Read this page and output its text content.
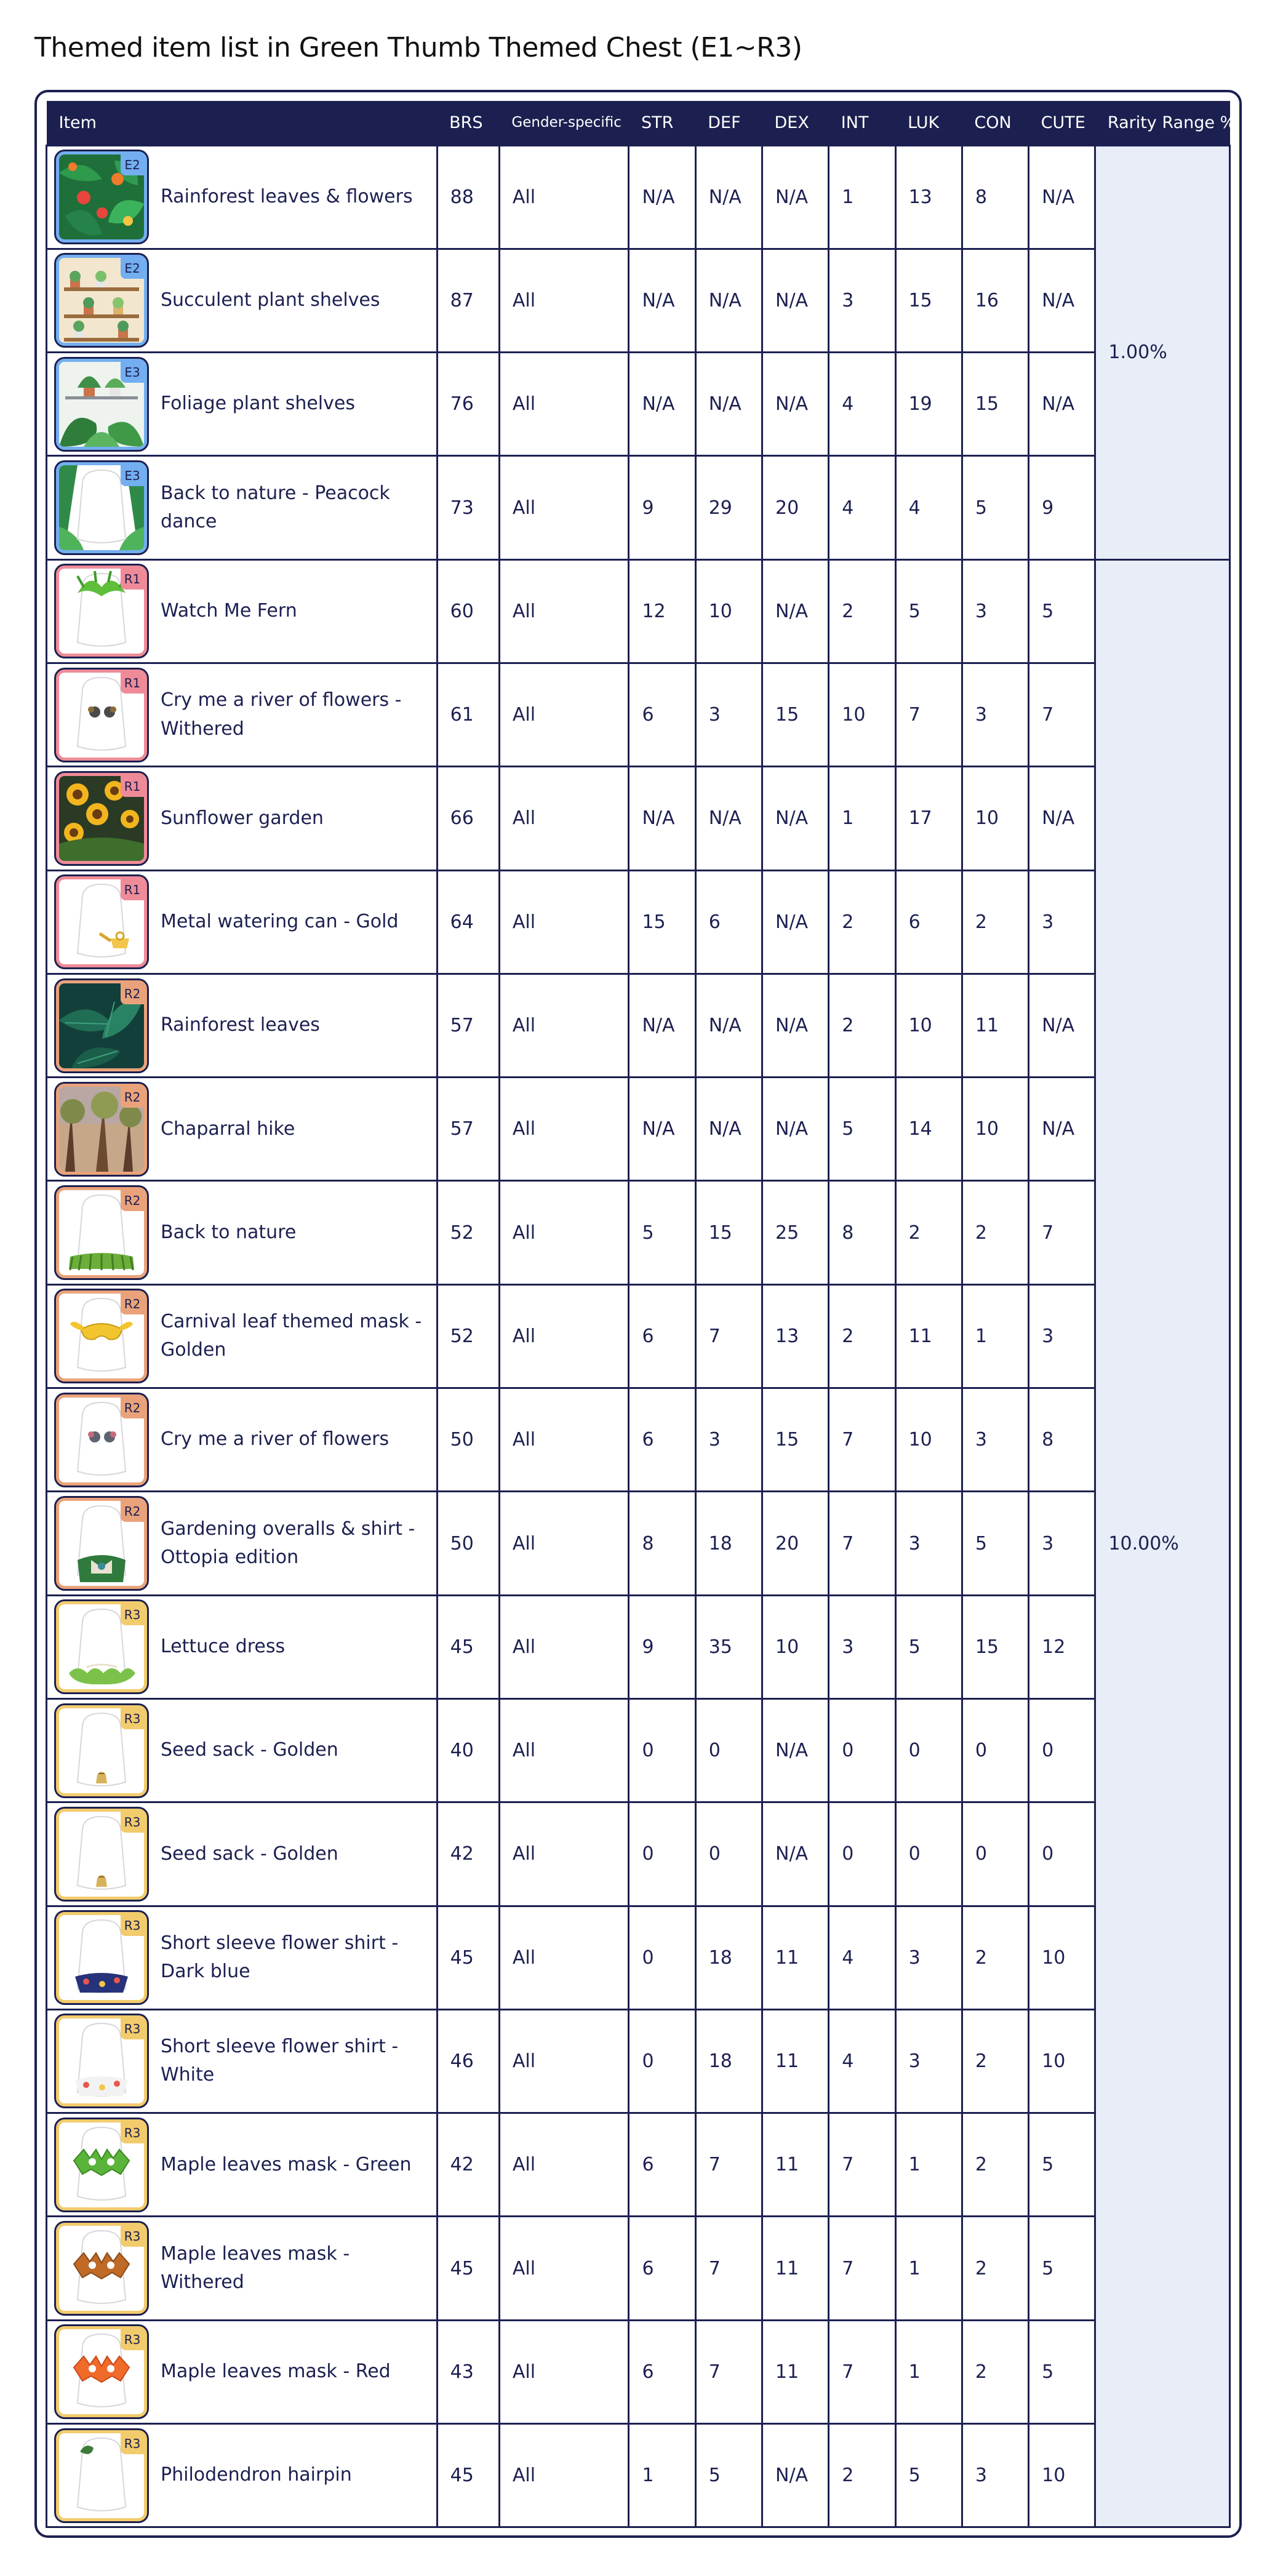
Themed item list in Green Thumb Themed Chest (E1~R3)
Item	BRS	Gender-specific	STR	DEF	DEX	INT	LUK	CON	CUTE	Rarity Range %

E2
Rainforest leaves & flowers	88	All	N/A	N/A	N/A	1	13	8	N/A	1.00%

E2
Succulent plant shelves	87	All	N/A	N/A	N/A	3	15	16	N/A	

E3
Foliage plant shelves	76	All	N/A	N/A	N/A	4	19	15	N/A	

E3
Back to nature - Peacock dance	73	All	9	29	20	4	4	5	9	

R1
Watch Me Fern	60	All	12	10	N/A	2	5	3	5	10.00%

R1
Cry me a river of flowers - Withered	61	All	6	3	15	10	7	3	7	

R1
Sunflower garden	66	All	N/A	N/A	N/A	1	17	10	N/A	

R1
Metal watering can - Gold	64	All	15	6	N/A	2	6	2	3	

R2
Rainforest leaves	57	All	N/A	N/A	N/A	2	10	11	N/A	

R2
Chaparral hike	57	All	N/A	N/A	N/A	5	14	10	N/A	

R2
Back to nature	52	All	5	15	25	8	2	2	7	

R2
Carnival leaf themed mask - Golden	52	All	6	7	13	2	11	1	3	

R2
Cry me a river of flowers	50	All	6	3	15	7	10	3	8	

R2
Gardening overalls & shirt - Ottopia edition	50	All	8	18	20	7	3	5	3	

R3
Lettuce dress	45	All	9	35	10	3	5	15	12	

R3
Seed sack - Golden	40	All	0	0	N/A	0	0	0	0	

R3
Seed sack - Golden	42	All	0	0	N/A	0	0	0	0	

R3
Short sleeve flower shirt - Dark blue	45	All	0	18	11	4	3	2	10	

R3
Short sleeve flower shirt - White	46	All	0	18	11	4	3	2	10	

R3
Maple leaves mask - Green	42	All	6	7	11	7	1	2	5	

R3
Maple leaves mask - Withered	45	All	6	7	11	7	1	2	5	

R3
Maple leaves mask - Red	43	All	6	7	11	7	1	2	5	

R3
Philodendron hairpin	45	All	1	5	N/A	2	5	3	10	
